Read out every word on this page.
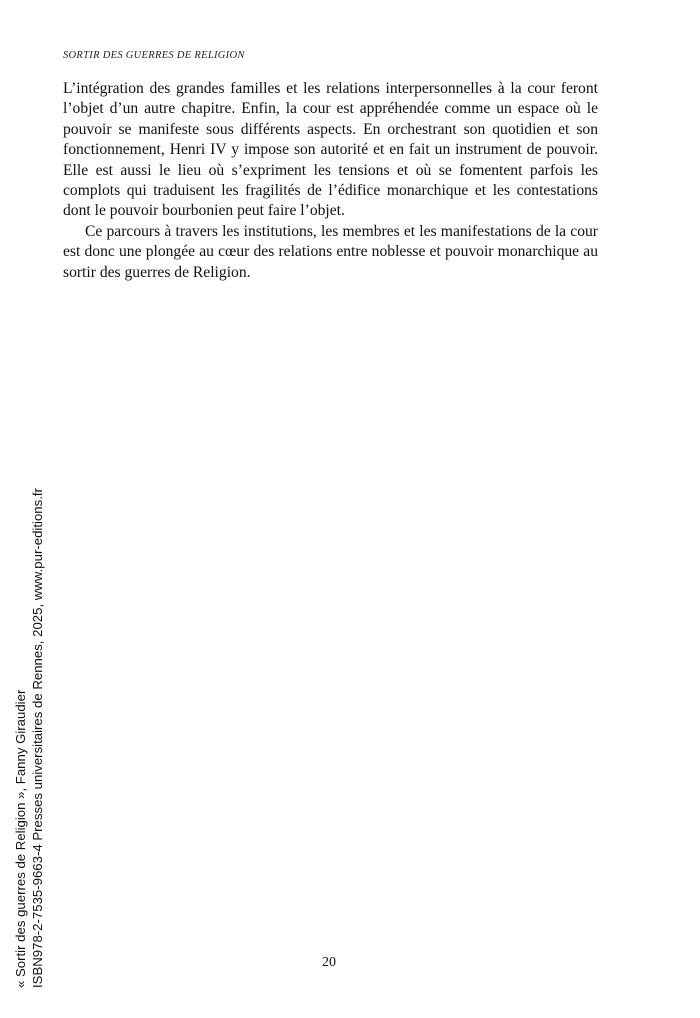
SORTIR DES GUERRES DE RELIGION

L’intégration des grandes familles et les relations interpersonnelles à la cour feront l’objet d’un autre chapitre. Enfin, la cour est appréhendée comme un espace où le pouvoir se manifeste sous différents aspects. En orchestrant son quotidien et son fonctionnement, Henri IV y impose son autorité et en fait un instrument de pouvoir. Elle est aussi le lieu où s’expriment les tensions et où se fomentent parfois les complots qui traduisent les fragilités de l’édifice monarchique et les contestations dont le pouvoir bourbonien peut faire l’objet.

Ce parcours à travers les institutions, les membres et les manifestations de la cour est donc une plongée au cœur des relations entre noblesse et pouvoir monarchique au sortir des guerres de Religion.

« Sortir des guerres de Religion », Fanny Giraudier ISBN978-2-7535-9663-4 Presses universitaires de Rennes, 2025, www.pur-editions.fr	20
